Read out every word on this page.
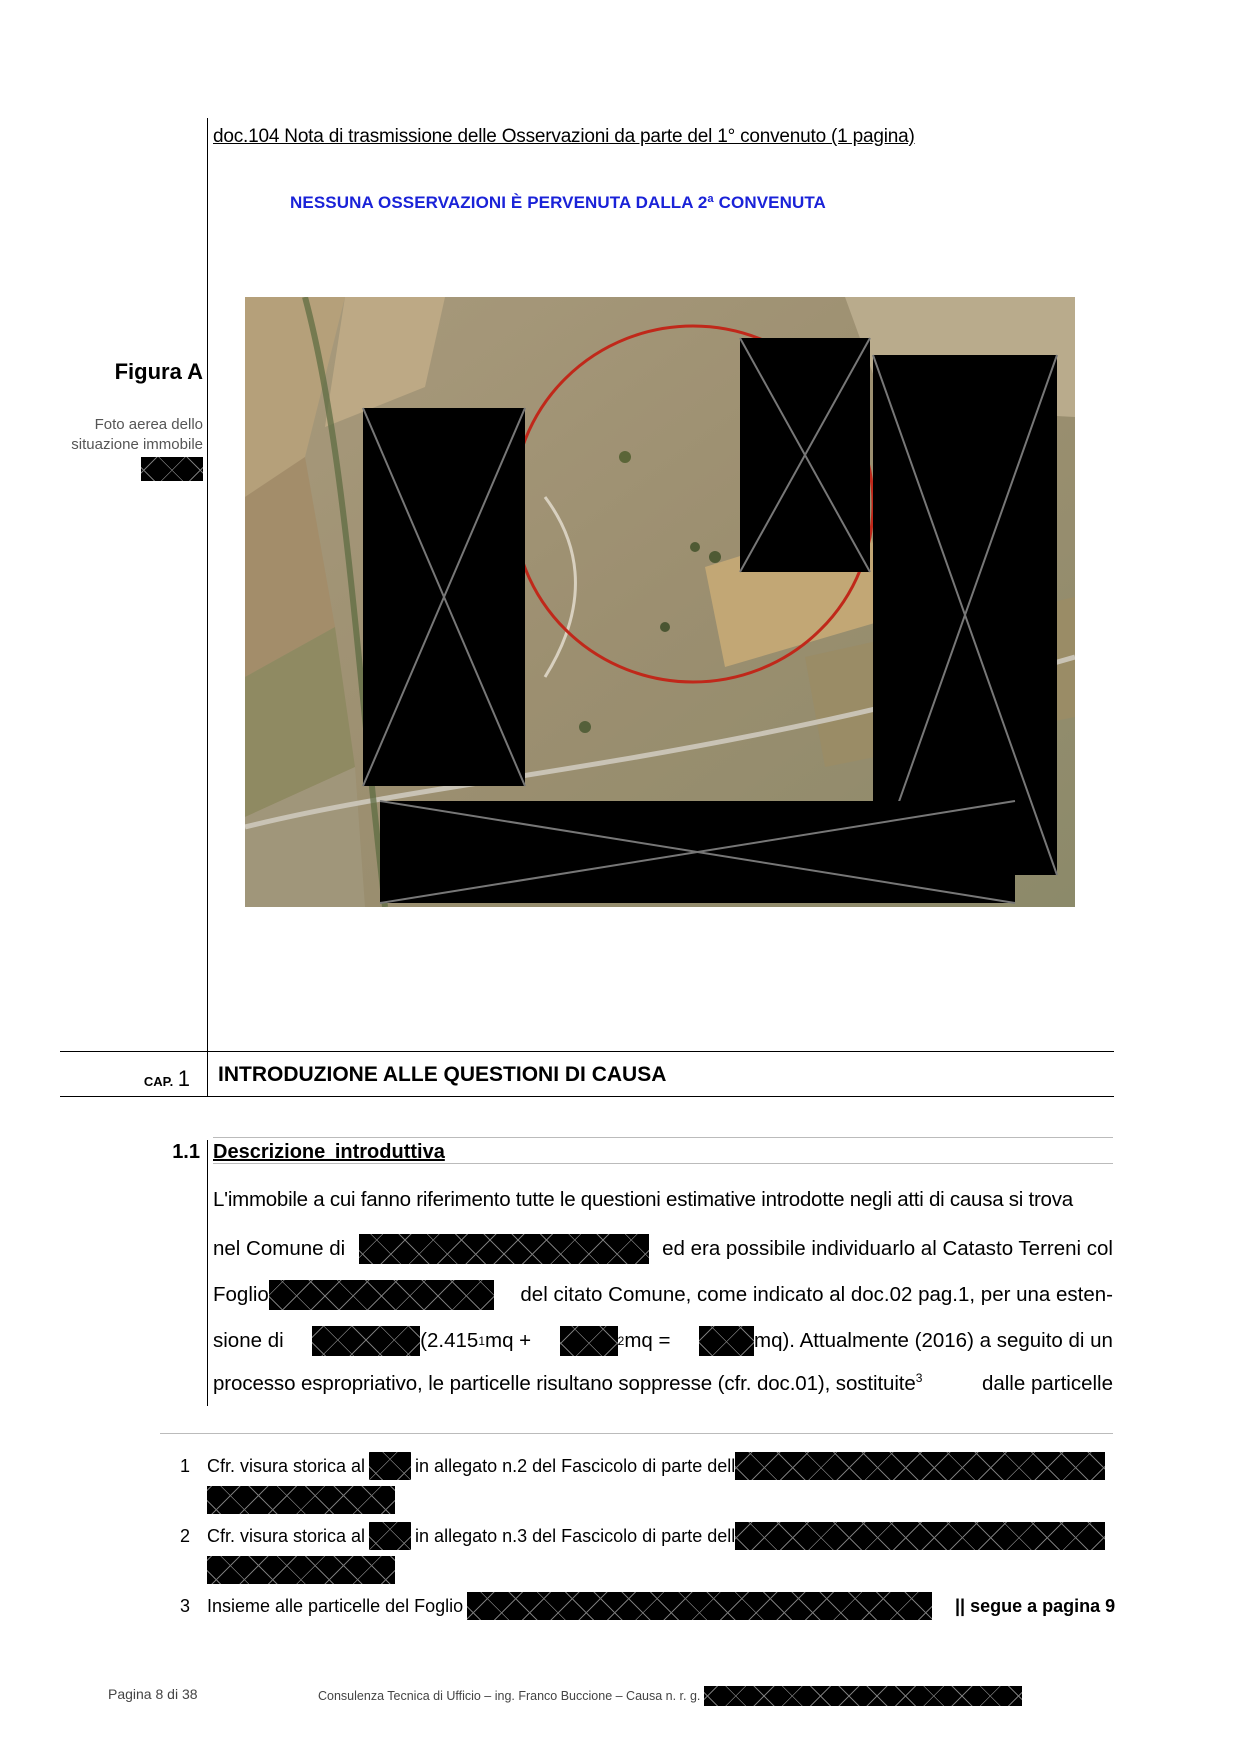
doc.104 Nota di trasmissione delle Osservazioni da parte del 1° convenuto (1 pagina)
NESSUNA OSSERVAZIONI È PERVENUTA DALLA 2ª CONVENUTA
Figura A
Foto aerea dello
situazione immobile
CAP. 1 INTRODUZIONE ALLE QUESTIONI DI CAUSA
1.1 Descrizione introduttiva
L'immobile a cui fanno riferimento tutte le questioni estimative introdotte negli atti di causa si trova
nel Comune di	ed era possibile individuarlo al Catasto Terreni col
Foglio	del citato Comune, come indicato al doc.02 pag.1, per una esten-
sione di	(2.415 1 mq +	2 mq =	mq). Attualmente (2016) a seguito di un
processo espropriativo, le particelle risultano soppresse (cfr. doc.01), sostituite$^3$	dalle particelle
1 Cfr. visura storica al	in allegato n.2 del Fascicolo di parte dell
2 Cfr. visura storica al	in allegato n.3 del Fascicolo di parte dell
3 Insieme alle particelle del Foglio	|| segue a pagina 9
Pagina 8 di 38	Consulenza Tecnica di Ufficio – ing. Franco Buccione – Causa n. r. g.
